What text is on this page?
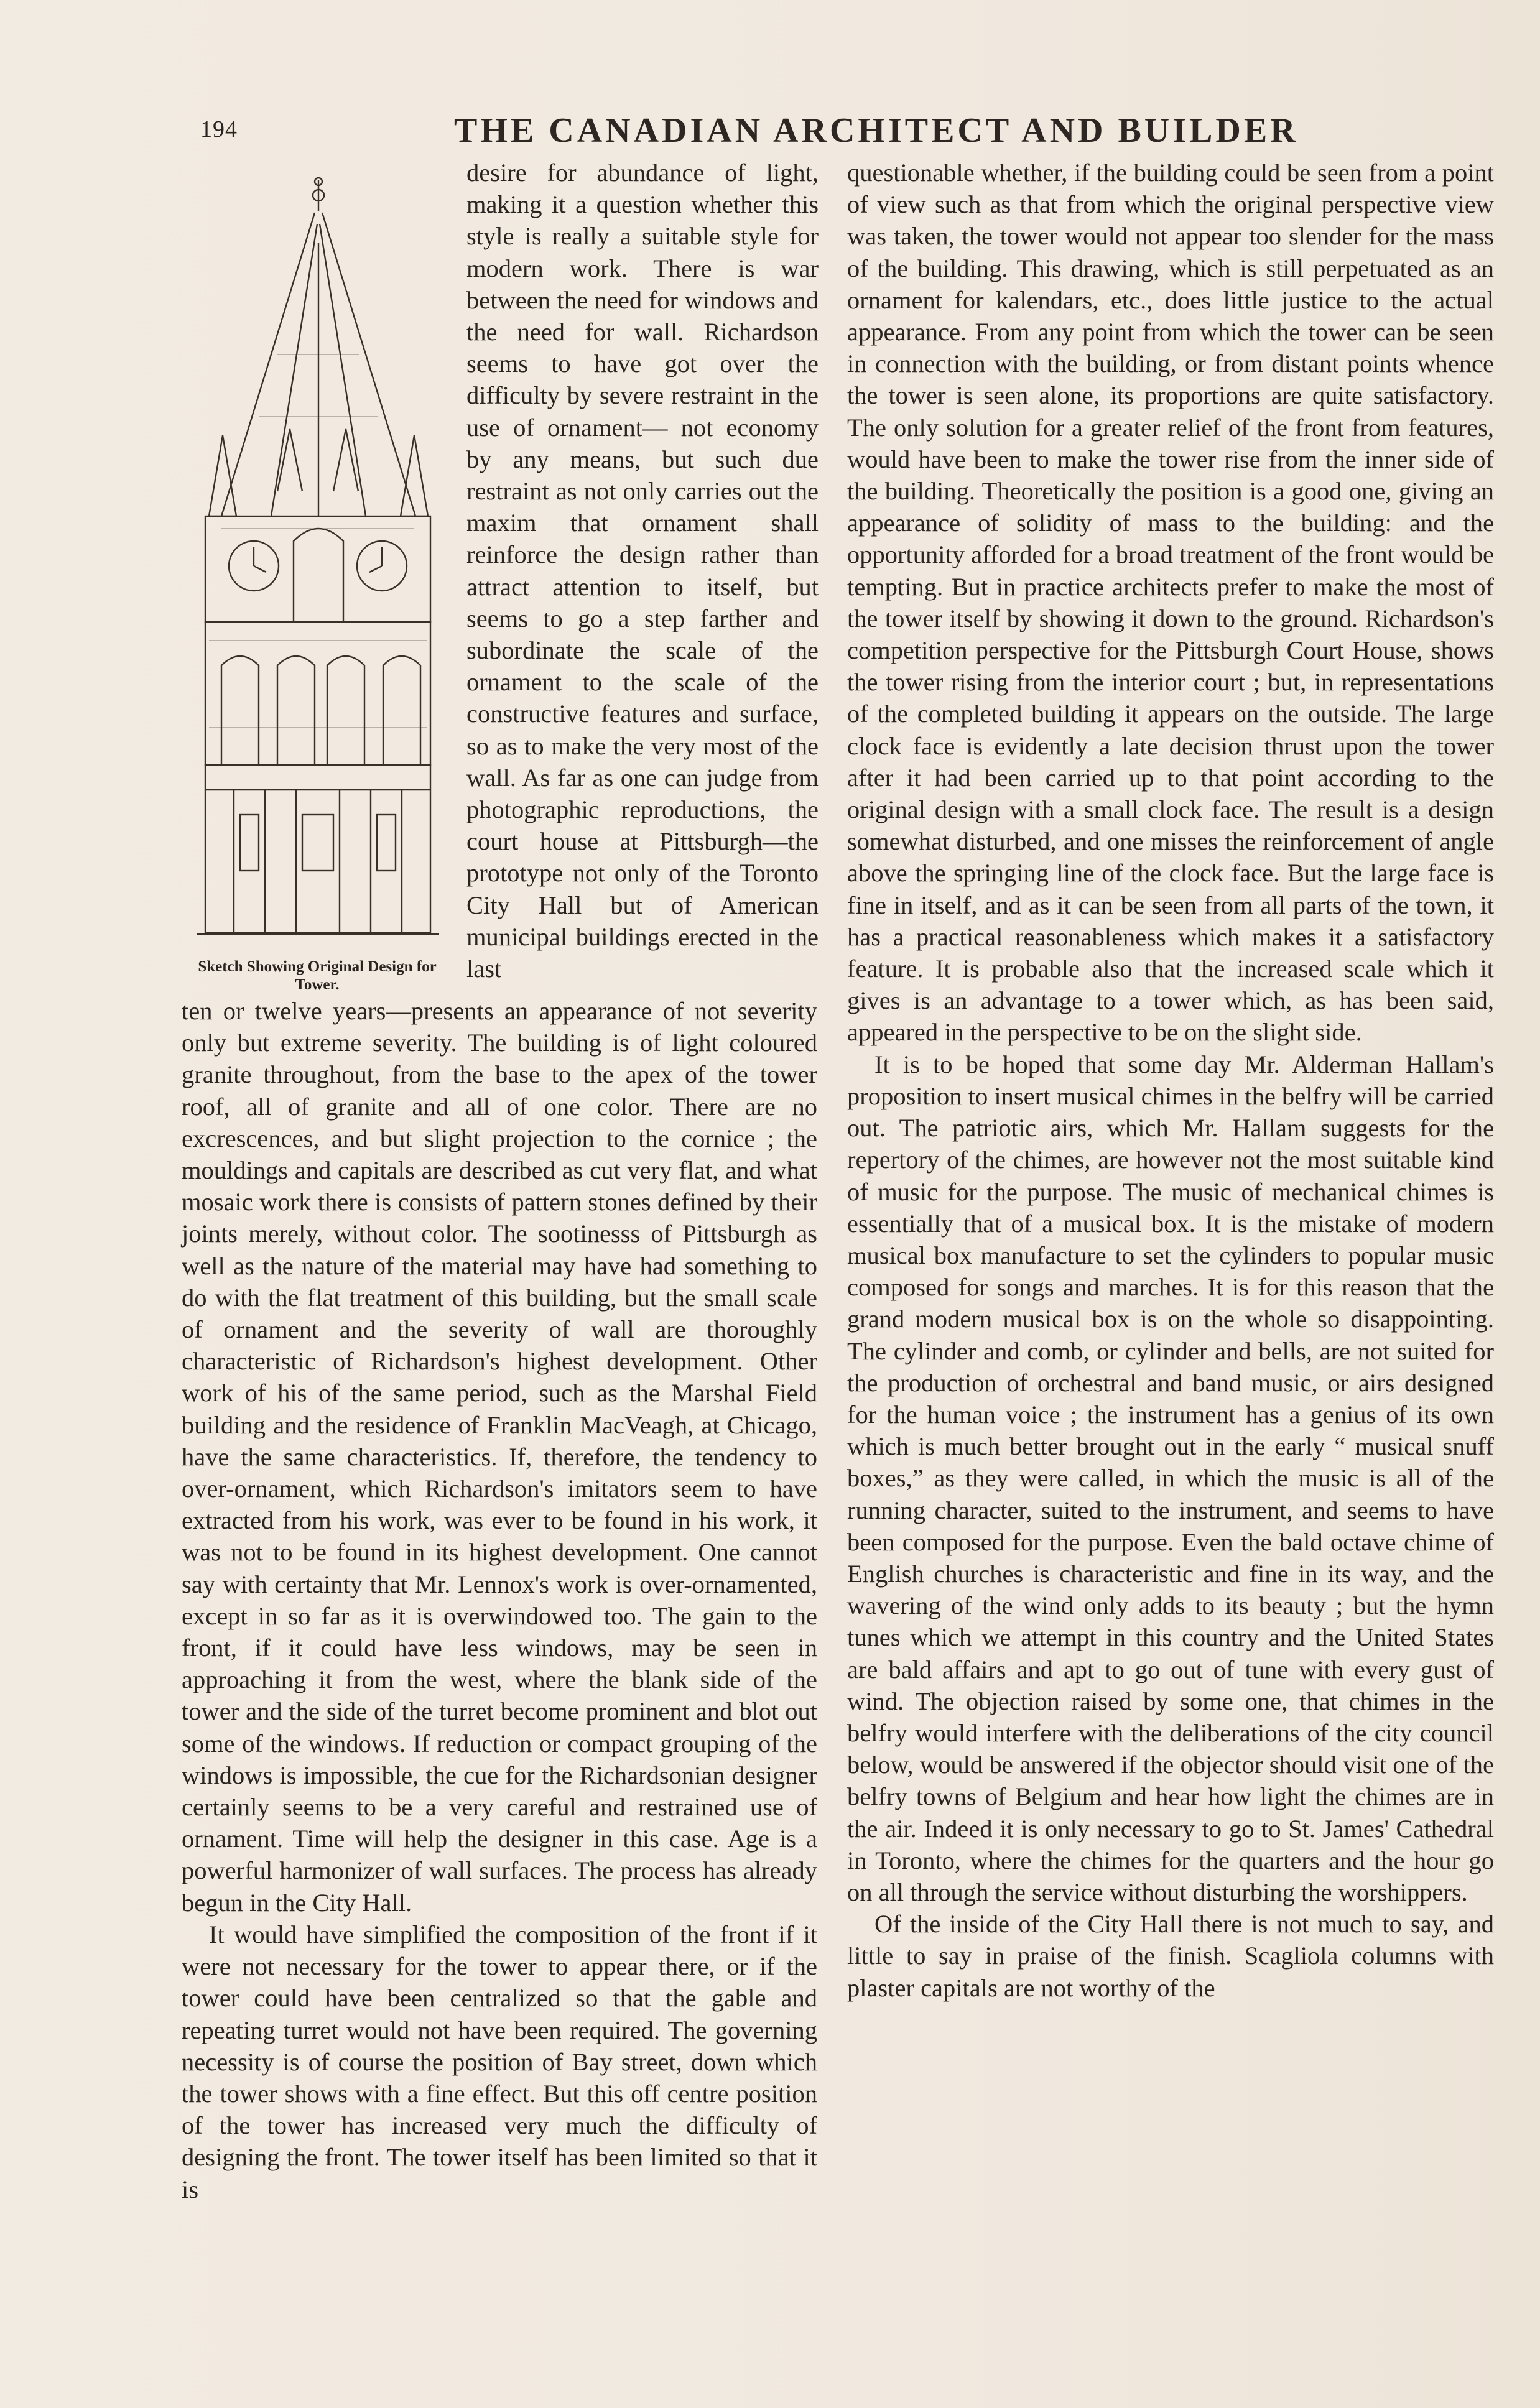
194	THE CANADIAN ARCHITECT AND BUILDER
Sketch Showing Original Design for Tower.

desire for abundance of light, making it a question whether this style is really a suitable style for modern work. There is war between the need for windows and the need for wall. Richardson seems to have got over the difficulty by severe restraint in the use of ornament— not economy by any means, but such due restraint as not only carries out the maxim that ornament shall reinforce the design rather than attract attention to itself, but seems to go a step farther and subordinate the scale of the ornament to the scale of the constructive features and surface, so as to make the very most of the wall. As far as one can judge from photographic reproductions, the court house at Pittsburgh—the prototype not only of the Toronto City Hall but of American municipal buildings erected in the last

ten or twelve years—presents an appearance of not severity only but extreme severity. The building is of light coloured granite throughout, from the base to the apex of the tower roof, all of granite and all of one color. There are no excrescences, and but slight projection to the cornice ; the mouldings and capitals are described as cut very flat, and what mosaic work there is consists of pattern stones defined by their joints merely, without color. The sootinesss of Pittsburgh as well as the nature of the material may have had something to do with the flat treatment of this building, but the small scale of ornament and the severity of wall are thoroughly characteristic of Richardson's highest development. Other work of his of the same period, such as the Marshal Field building and the residence of Franklin MacVeagh, at Chicago, have the same characteristics. If, therefore, the tendency to over-ornament, which Richardson's imitators seem to have extracted from his work, was ever to be found in his work, it was not to be found in its highest development. One cannot say with certainty that Mr. Lennox's work is over-ornamented, except in so far as it is overwindowed too. The gain to the front, if it could have less windows, may be seen in approaching it from the west, where the blank side of the tower and the side of the turret become prominent and blot out some of the windows. If reduction or compact grouping of the windows is impossible, the cue for the Richardsonian designer certainly seems to be a very careful and restrained use of ornament. Time will help the designer in this case. Age is a powerful harmonizer of wall surfaces. The process has already begun in the City Hall.

It would have simplified the composition of the front if it were not necessary for the tower to appear there, or if the tower could have been centralized so that the gable and repeating turret would not have been required. The governing necessity is of course the position of Bay street, down which the tower shows with a fine effect. But this off centre position of the tower has increased very much the difficulty of designing the front. The tower itself has been limited so that it is

questionable whether, if the building could be seen from a point of view such as that from which the original perspective view was taken, the tower would not appear too slender for the mass of the building. This drawing, which is still perpetuated as an ornament for kalendars, etc., does little justice to the actual appearance. From any point from which the tower can be seen in connection with the building, or from distant points whence the tower is seen alone, its proportions are quite satisfactory. The only solution for a greater relief of the front from features, would have been to make the tower rise from the inner side of the building. Theoretically the position is a good one, giving an appearance of solidity of mass to the building: and the opportunity afforded for a broad treatment of the front would be tempting. But in practice architects prefer to make the most of the tower itself by showing it down to the ground. Richardson's competition perspective for the Pittsburgh Court House, shows the tower rising from the interior court ; but, in representations of the completed building it appears on the outside. The large clock face is evidently a late decision thrust upon the tower after it had been carried up to that point according to the original design with a small clock face. The result is a design somewhat disturbed, and one misses the reinforcement of angle above the springing line of the clock face. But the large face is fine in itself, and as it can be seen from all parts of the town, it has a practical reasonableness which makes it a satisfactory feature. It is probable also that the increased scale which it gives is an advantage to a tower which, as has been said, appeared in the perspective to be on the slight side.

It is to be hoped that some day Mr. Alderman Hallam's proposition to insert musical chimes in the belfry will be carried out. The patriotic airs, which Mr. Hallam suggests for the repertory of the chimes, are however not the most suitable kind of music for the purpose. The music of mechanical chimes is essentially that of a musical box. It is the mistake of modern musical box manufacture to set the cylinders to popular music composed for songs and marches. It is for this reason that the grand modern musical box is on the whole so disappointing. The cylinder and comb, or cylinder and bells, are not suited for the production of orchestral and band music, or airs designed for the human voice ; the instrument has a genius of its own which is much better brought out in the early “ musical snuff boxes,” as they were called, in which the music is all of the running character, suited to the instrument, and seems to have been composed for the purpose. Even the bald octave chime of English churches is characteristic and fine in its way, and the wavering of the wind only adds to its beauty ; but the hymn tunes which we attempt in this country and the United States are bald affairs and apt to go out of tune with every gust of wind. The objection raised by some one, that chimes in the belfry would interfere with the deliberations of the city council below, would be answered if the objector should visit one of the belfry towns of Belgium and hear how light the chimes are in the air. Indeed it is only necessary to go to St. James' Cathedral in Toronto, where the chimes for the quarters and the hour go on all through the service without disturbing the worshippers.

Of the inside of the City Hall there is not much to say, and little to say in praise of the finish. Scagliola columns with plaster capitals are not worthy of the
